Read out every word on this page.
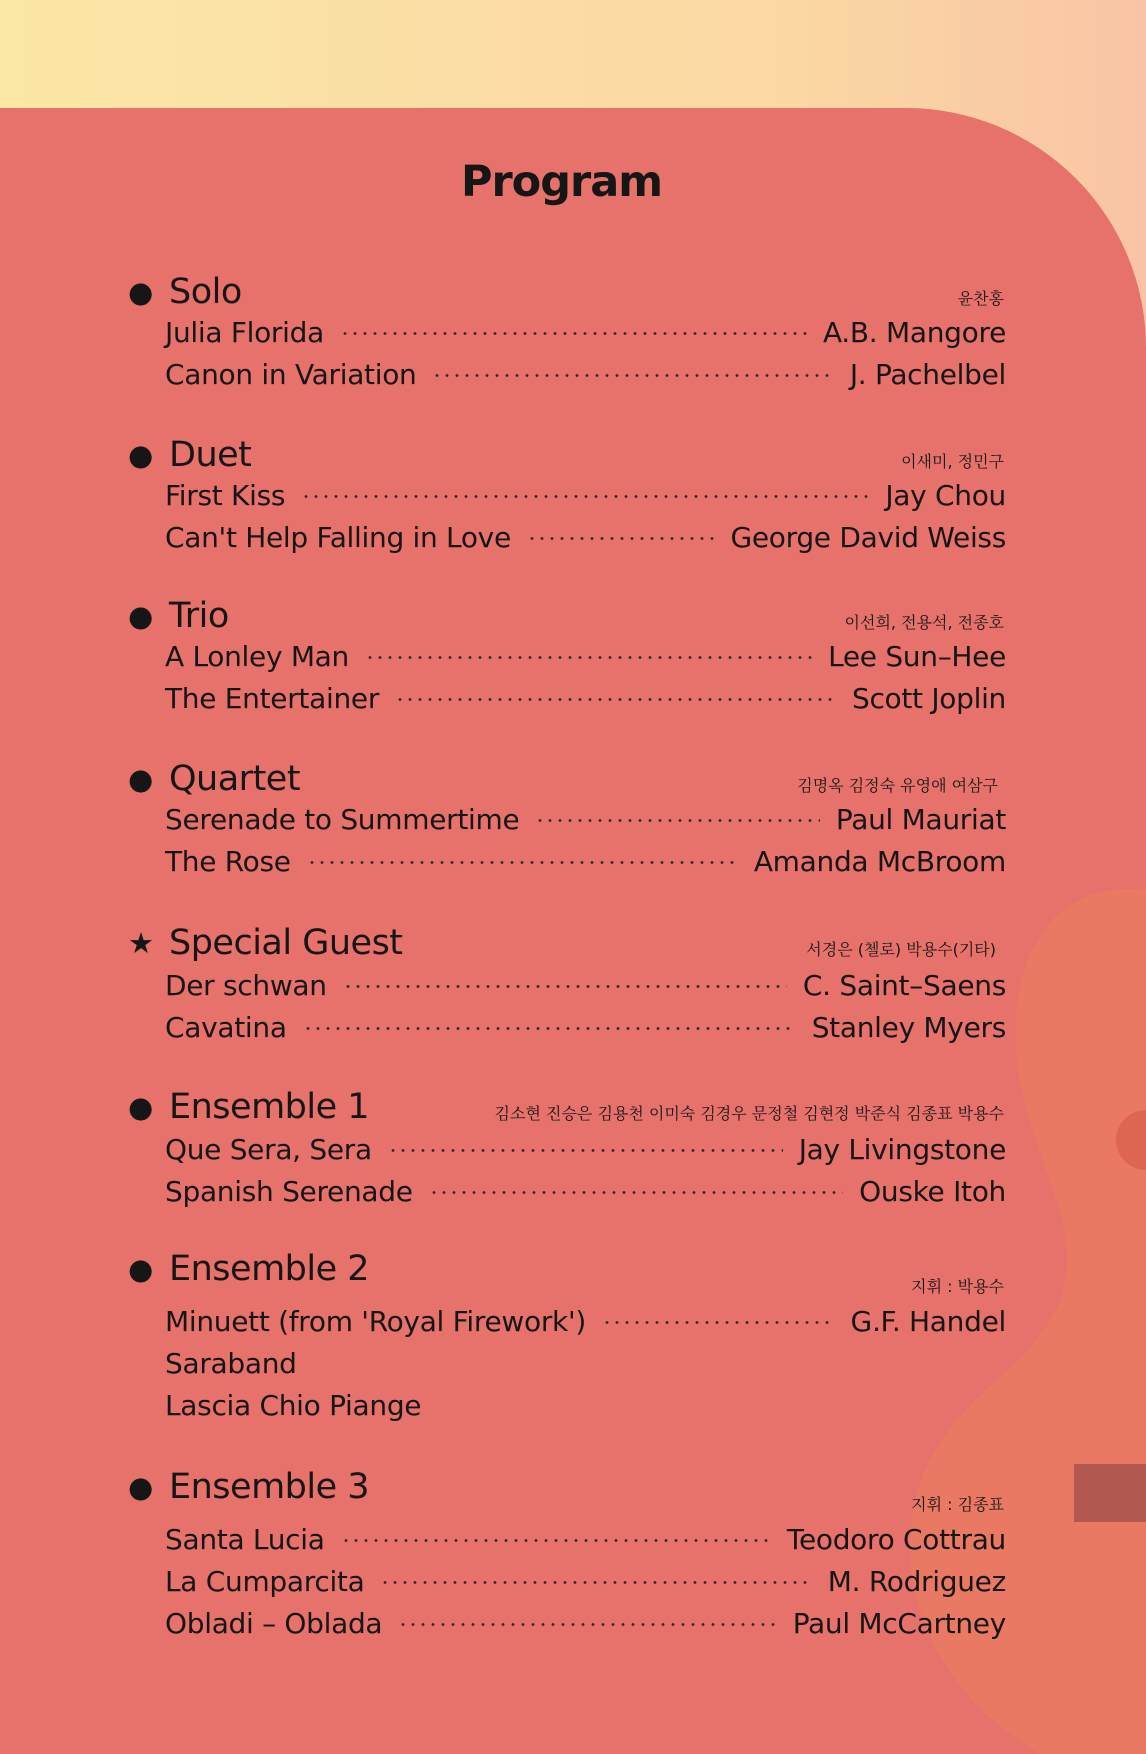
Program
● Solo	윤찬홍
Julia Florida	A.B. Mangore
Canon in Variation	J. Pachelbel
● Duet	이새미, 정민구
First Kiss	Jay Chou
Can't Help Falling in Love	George David Weiss
● Trio	이선희, 전용석, 전종호
A Lonley Man	Lee Sun–Hee
The Entertainer	Scott Joplin
● Quartet	김명옥 김정숙 유영애 여삼구
Serenade to Summertime	Paul Mauriat
The Rose	Amanda McBroom
★ Special Guest	서경은 (첼로) 박용수(기타)
Der schwan	C. Saint–Saens
Cavatina	Stanley Myers
● Ensemble 1	김소현 진승은 김용천 이미숙 김경우 문정철 김현정 박준식 김종표 박용수
Que Sera, Sera	Jay Livingstone
Spanish Serenade	Ouske Itoh
● Ensemble 2	지휘 : 박용수
Minuett (from 'Royal Firework')	G.F. Handel
Saraband
Lascia Chio Piange
● Ensemble 3	지휘 : 김종표
Santa Lucia	Teodoro Cottrau
La Cumparcita	M. Rodriguez
Obladi – Oblada	Paul McCartney
